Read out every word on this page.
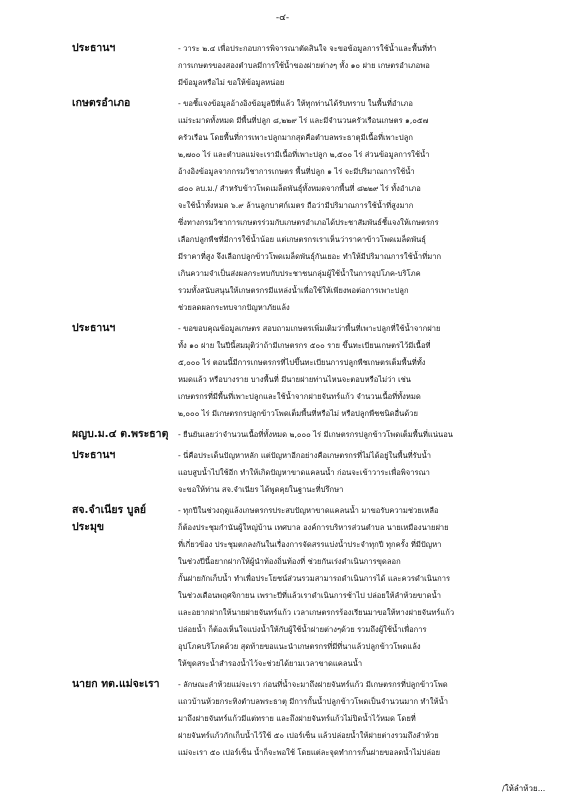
-๔-
ประธานฯ	- วาระ ๒.๔ เพื่อประกอบการพิจารณาตัดสินใจ จะขอข้อมูลการใช้น้ำและพื้นที่ทำ
การเกษตรของสองตำบลมีการใช้น้ำของฝายต่างๆ ทั้ง ๑๐ ฝาย เกษตรอำเภอพอ
มีข้อมูลหรือไม่ ขอให้ข้อมูลหน่อย
เกษตรอำเภอ	- ขอชี้แจงข้อมูลอ้างอิงข้อมูลปีที่แล้ว ให้ทุกท่านได้รับทราบ ในพื้นที่อำเภอ
แม่ระมาดทั้งหมด มีพื้นที่ปลูก ๘,๒๒๙ ไร่ และมีจำนวนครัวเรือนเกษตร ๑,๐๕๗
ครัวเรือน โดยพื้นที่การเพาะปลูกมากสุดคือตำบลพระธาตุมีเนื้อที่เพาะปลูก
๒,๗๐๐ ไร่ และตำบลแม่จะเรามีเนื้อที่เพาะปลูก ๒,๕๐๐ ไร่ ส่วนข้อมูลการใช้น้ำ
อ้างอิงข้อมูลจากกรมวิชาการเกษตร พื้นที่ปลูก ๑ ไร่ จะมีปริมาณการใช้น้ำ
๘๐๐ ลบ.ม./ สำหรับข้าวโพดเมล็ดพันธุ์ทั้งหมดจากพื้นที่ ๘๒๒๙ ไร่ ทั้งอำเภอ
จะใช้น้ำทั้งหมด ๖.๙ ล้านลูกบาศก์เมตร ถือว่ามีปริมาณการใช้น้ำที่สูงมาก
ซึ่งทางกรมวิชาการเกษตรร่วมกับเกษตรอำเภอได้ประชาสัมพันธ์ชี้แจงให้เกษตรกร
เลือกปลูกพืชที่มีการใช้น้ำน้อย แต่เกษตรกรเราเห็นว่าราคาข้าวโพดเมล็ดพันธุ์
มีราคาที่สูง จึงเลือกปลูกข้าวโพดเมล็ดพันธุ์กันเยอะ ทำให้มีปริมาณการใช้น้ำที่มาก
เกินความจำเป็นส่งผลกระทบกับประชาชนกลุ่มผู้ใช้น้ำในการอุปโภค-บริโภค
รวมทั้งสนับสนุนให้เกษตรกรมีแหล่งน้ำเพื่อใช้ให้เพียงพอต่อการเพาะปลูก
ช่วยลดผลกระทบจากปัญหาภัยแล้ง
ประธานฯ	- ขอขอบคุณข้อมูลเกษตร สอบถามเกษตรเพิ่มเติมว่าพื้นที่เพาะปลูกที่ใช้น้ำจากฝาย
ทั้ง ๑๐ ฝาย ในปีนี้สมมุติว่าถ้ามีเกษตรกร ๕๐๐ ราย ขึ้นทะเบียนเกษตรไว้มีเนื้อที่
๕,๐๐๐ ไร่ ตอนนี้มีการเกษตรกรที่ไปขึ้นทะเบียนการปลูกพืชเกษตรเต็มพื้นที่ทั้ง
หมดแล้ว หรือบางราย บางพื้นที่ มีนายฝายท่านไหนจะตอบหรือไม่ว่า เช่น
เกษตรกรที่มีพื้นที่เพาะปลูกและใช้น้ำจากฝายจันทร์แก้ว จำนวนเนื้อที่ทั้งหมด
๒,๐๐๐ ไร่ มีเกษตรกรปลูกข้าวโพดเต็มพื้นที่หรือไม่ หรือปลูกพืชชนิดอื่นด้วย
ผญบ.ม.๔ ต.พระธาตุ	- ยืนยันเลยว่าจำนวนเนื้อที่ทั้งหมด ๒,๐๐๐ ไร่ มีเกษตรกรปลูกข้าวโพดเต็มพื้นที่แน่นอน
ประธานฯ	- นี่คือประเด็นปัญหาหลัก แต่ปัญหาอีกอย่างคือเกษตรกรที่ไม่ได้อยู่ในพื้นที่รับน้ำ
แอบสูบน้ำไปใช้อีก ทำให้เกิดปัญหาขาดแคลนน้ำ ก่อนจะเข้าวาระเพื่อพิจารณา
จะขอให้ท่าน สจ.จำเนียร ได้พูดคุยในฐานะที่ปรึกษา
สจ.จำเนียร บูลย์ประมุข
- ทุกปีในช่วงฤดูแล้งเกษตรกรประสบปัญหาขาดแคลนน้ำ มาขอรับความช่วยเหลือ
ก็ต้องประชุมกำนันผู้ใหญ่บ้าน เทศบาล องค์การบริหารส่วนตำบล นายเหมืองนายฝาย
ที่เกี่ยวข้อง ประชุมตกลงกันในเรื่องการจัดสรรแบ่งน้ำประจำทุกปี ทุกครั้ง ที่มีปัญหา
ในช่วงปีนี้อยากฝากให้ผู้นำท้องถิ่นท้องที่ ช่วยกันเร่งดำเนินการขุดลอก
กั้นฝายกักเก็บน้ำ ทำเพื่อประโยชน์ส่วนรวมสามารถดำเนินการได้ และควรดำเนินการ
ในช่วงเดือนพฤศจิกายน เพราะปีที่แล้วเราดำเนินการช้าไป ปล่อยให้ลำห้วยขาดน้ำ
และอยากฝากให้นายฝายจันทร์แก้ว เวลาเกษตรกรร้องเรียนมาขอให้ทางฝายจันทร์แก้ว
ปล่อยน้ำ ก็ต้องเห็นใจแบ่งน้ำให้กับผู้ใช้น้ำฝายต่างๆด้วย รวมถึงผู้ใช้น้ำเพื่อการ
อุปโภคบริโภคด้วย สุดท้ายขอแนะนำเกษตรกรที่มีที่นาแล้วปลูกข้าวโพดแล้ง
ให้ขุดสระน้ำสำรองน้ำไว้จะช่วยได้ยามเวลาขาดแคลนน้ำ
นายก ทต.แม่จะเรา	- ลักษณะลำห้วยแม่จะเรา ก่อนที่น้ำจะมาถึงฝายจันทร์แก้ว มีเกษตรกรที่ปลูกข้าวโพด
แถวบ้านห้วยกระทิงตำบลพระธาตุ มีการกั้นน้ำปลูกข้าวโพดเป็นจำนวนมาก ทำให้น้ำ
มาถึงฝายจันทร์แก้วมีแต่ทราย และถึงฝายจันทร์แก้วไม่ปิดน้ำไว้หมด โดยที่
ฝายจันทร์แก้วกักเก็บน้ำไว้ใช้ ๕๐ เปอร์เซ็น แล้วปล่อยน้ำให้ฝายต่างรวมถึงลำห้วย
แม่จะเรา ๕๐ เปอร์เซ็น น้ำก็จะพอใช้ โดยแต่ละจุดทำการกั้นฝายขอลดน้ำไม่ปล่อย
/ให้ลำห้วย...
